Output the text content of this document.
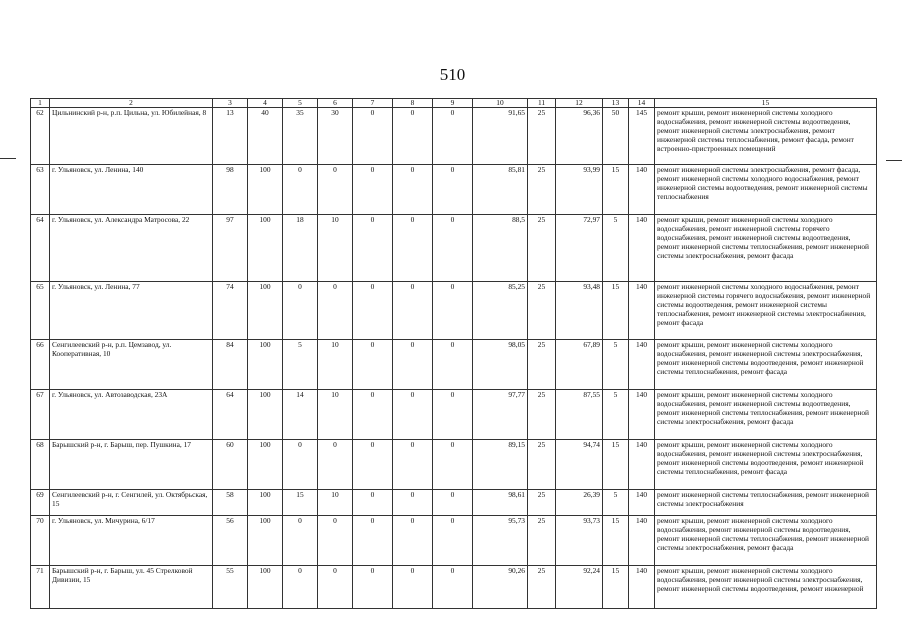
510
1	2	3	4	5	6	7	8	9	10	11	12	13	14	15
62	Цильнинский р-н, р.п. Цильна, ул. Юбилейная, 8	13	40	35	30	0	0	0	91,65	25	96,36	50	145	ремонт крыши, ремонт инженерной системы холодного водоснабжения, ремонт инженерной системы водоотведения, ремонт инженерной системы электроснабжения, ремонт инженерной системы теплоснабжения, ремонт фасада, ремонт встроенно-пристроенных помещений
63	г. Ульяновск, ул. Ленина, 140	98	100	0	0	0	0	0	85,81	25	93,99	15	140	ремонт инженерной системы электроснабжения, ремонт фасада, ремонт инженерной системы холодного водоснабжения, ремонт инженерной системы водоотведения, ремонт инженерной системы теплоснабжения
64	г. Ульяновск, ул. Александра Матросова, 22	97	100	18	10	0	0	0	88,5	25	72,97	5	140	ремонт крыши, ремонт инженерной системы холодного водоснабжения, ремонт инженерной системы горячего водоснабжения, ремонт инженерной системы водоотведения, ремонт инженерной системы теплоснабжения, ремонт инженерной системы электроснабжения, ремонт фасада
65	г. Ульяновск, ул. Ленина, 77	74	100	0	0	0	0	0	85,25	25	93,48	15	140	ремонт инженерной системы холодного водоснабжения, ремонт инженерной системы горячего водоснабжения, ремонт инженерной системы водоотведения, ремонт инженерной системы теплоснабжения, ремонт инженерной системы электроснабжения, ремонт фасада
66	Сенгилеевский р-н, р.п. Цемзавод, ул. Кооперативная, 10	84	100	5	10	0	0	0	98,05	25	67,89	5	140	ремонт крыши, ремонт инженерной системы холодного водоснабжения, ремонт инженерной системы электроснабжения, ремонт инженерной системы водоотведения, ремонт инженерной системы теплоснабжения, ремонт фасада
67	г. Ульяновск, ул. Автозаводская, 23А	64	100	14	10	0	0	0	97,77	25	87,55	5	140	ремонт крыши, ремонт инженерной системы холодного водоснабжения, ремонт инженерной системы водоотведения, ремонт инженерной системы теплоснабжения, ремонт инженерной системы электроснабжения, ремонт фасада
68	Барышский р-н, г. Барыш, пер. Пушкина, 17	60	100	0	0	0	0	0	89,15	25	94,74	15	140	ремонт крыши, ремонт инженерной системы холодного водоснабжения, ремонт инженерной системы электроснабжения, ремонт инженерной системы водоотведения, ремонт инженерной системы теплоснабжения, ремонт фасада
69	Сенгилеевский р-н, г. Сенгилей, ул. Октябрьская, 15	58	100	15	10	0	0	0	98,61	25	26,39	5	140	ремонт инженерной системы теплоснабжения, ремонт инженерной системы электроснабжения
70	г. Ульяновск, ул. Мичурина, 6/17	56	100	0	0	0	0	0	95,73	25	93,73	15	140	ремонт крыши, ремонт инженерной системы холодного водоснабжения, ремонт инженерной системы водоотведения, ремонт инженерной системы теплоснабжения, ремонт инженерной системы электроснабжения, ремонт фасада
71	Барышский р-н, г. Барыш, ул. 45 Стрелковой Дивизии, 15	55	100	0	0	0	0	0	90,26	25	92,24	15	140	ремонт крыши, ремонт инженерной системы холодного водоснабжения, ремонт инженерной системы электроснабжения, ремонт инженерной системы водоотведения, ремонт инженерной
